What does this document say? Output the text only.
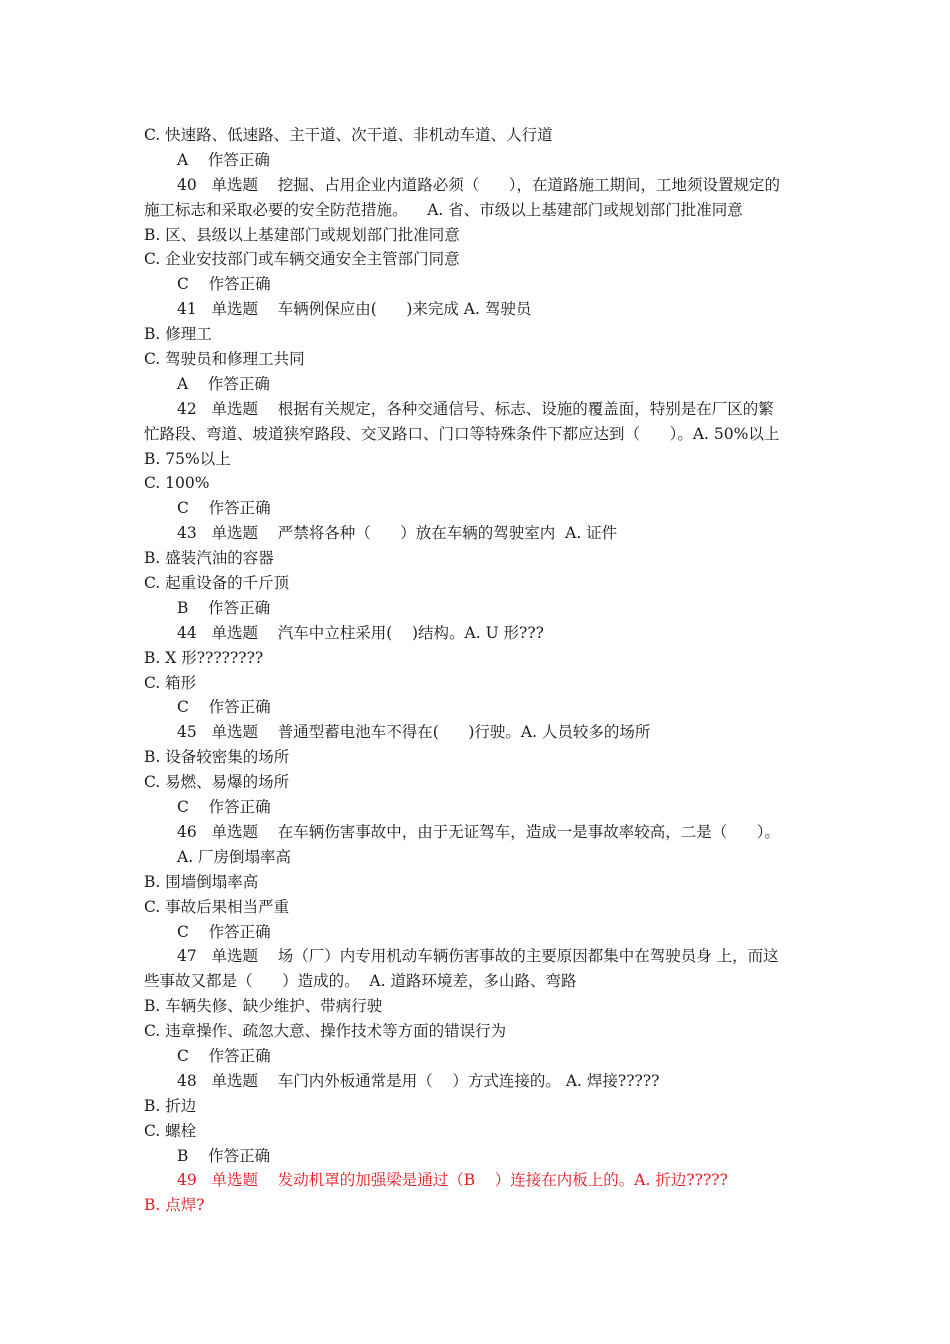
C. 快速路、低速路、主干道、次干道、非机动车道、人行道
A    作答正确
40   单选题    挖掘、占用企业内道路必须（      ），在道路施工期间，工地须设置规定的
施工标志和采取必要的安全防范措施。    A. 省、市级以上基建部门或规划部门批准同意
B. 区、县级以上基建部门或规划部门批准同意
C. 企业安技部门或车辆交通安全主管部门同意
C    作答正确
41   单选题    车辆例保应由(      )来完成 A. 驾驶员
B. 修理工
C. 驾驶员和修理工共同
A    作答正确
42   单选题    根据有关规定，各种交通信号、标志、设施的覆盖面，特别是在厂区的繁
忙路段、弯道、坡道狭窄路段、交叉路口、门口等特殊条件下都应达到（      ）。A. 50%以上
B. 75%以上
C. 100%
C    作答正确
43   单选题    严禁将各种（      ）放在车辆的驾驶室内  A. 证件
B. 盛装汽油的容器
C. 起重设备的千斤顶
B    作答正确
44   单选题    汽车中立柱采用(    )结构。A. U 形???
B. X 形????????
C. 箱形
C    作答正确
45   单选题    普通型蓄电池车不得在(      )行驶。A. 人员较多的场所
B. 设备较密集的场所
C. 易燃、易爆的场所
C    作答正确
46   单选题    在车辆伤害事故中，由于无证驾车，造成一是事故率较高，二是（      ）。
A. 厂房倒塌率高
B. 围墙倒塌率高
C. 事故后果相当严重
C    作答正确
47   单选题    场（厂）内专用机动车辆伤害事故的主要原因都集中在驾驶员身 上，而这
些事故又都是（      ）造成的。  A. 道路环境差，多山路、弯路
B. 车辆失修、缺少维护、带病行驶
C. 违章操作、疏忽大意、操作技术等方面的错误行为
C    作答正确
48   单选题    车门内外板通常是用（    ）方式连接的。 A. 焊接?????
B. 折边
C. 螺栓
B    作答正确
49   单选题    发动机罩的加强梁是通过（B    ）连接在内板上的。A. 折边?????
B. 点焊?
